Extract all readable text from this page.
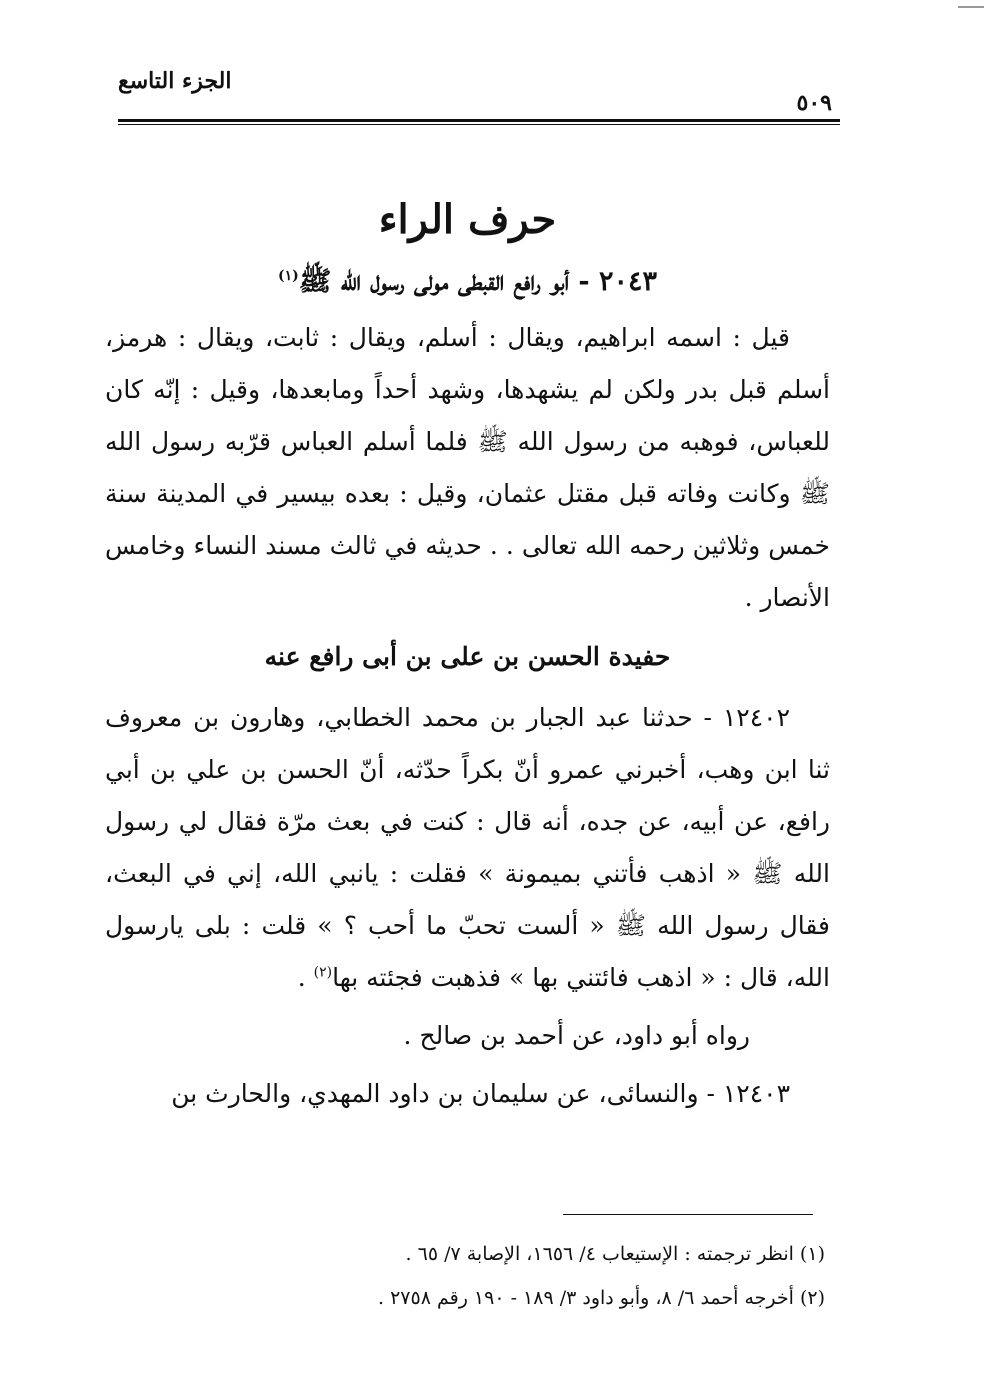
الجزء التاسع
٥٠٩
حرف الراء
٢٠٤٣ - أبو رافع القبطى مولى رسول الله ﷺ$^{(١)}$

قيل : اسمه ابراهيم، ويقال : أسلم، ويقال : ثابت، ويقال : هرمز، أسلم قبل بدر ولكن لم يشهدها، وشهد أحداً ومابعدها، وقيل : إنّه كان للعباس، فوهبه من رسول الله ﷺ فلما أسلم العباس قرّبه رسول الله ﷺ وكانت وفاته قبل مقتل عثمان، وقيل : بعده بيسير في المدينة سنة خمس وثلاثين رحمه الله تعالى . . حديثه في ثالث مسند النساء وخامس الأنصار .

حفيدة الحسن بن على بن أبى رافع عنه

١٢٤٠٢ - حدثنا عبد الجبار بن محمد الخطابي، وهارون بن معروف ثنا ابن وهب، أخبرني عمرو أنّ بكراً حدّثه، أنّ الحسن بن علي بن أبي رافع، عن أبيه، عن جده، أنه قال : كنت في بعث مرّة فقال لي رسول الله ﷺ « اذهب فأتني بميمونة » فقلت : يانبي الله، إني في البعث، فقال رسول الله ﷺ « ألست تحبّ ما أحب ؟ » قلت : بلى يارسول الله، قال : « اذهب فائتني بها » فذهبت فجئته بها$^{(٢)}$ .

رواه أبو داود، عن أحمد بن صالح .

١٢٤٠٣ - والنسائى، عن سليمان بن داود المهدي، والحارث بن

(١) انظر ترجمته : الإستيعاب ٤/ ١٦٥٦، الإصابة ٧/ ٦٥ .

(٢) أخرجه أحمد ٦/ ٨، وأبو داود ٣/ ١٨٩ - ١٩٠ رقم ٢٧٥٨ .
